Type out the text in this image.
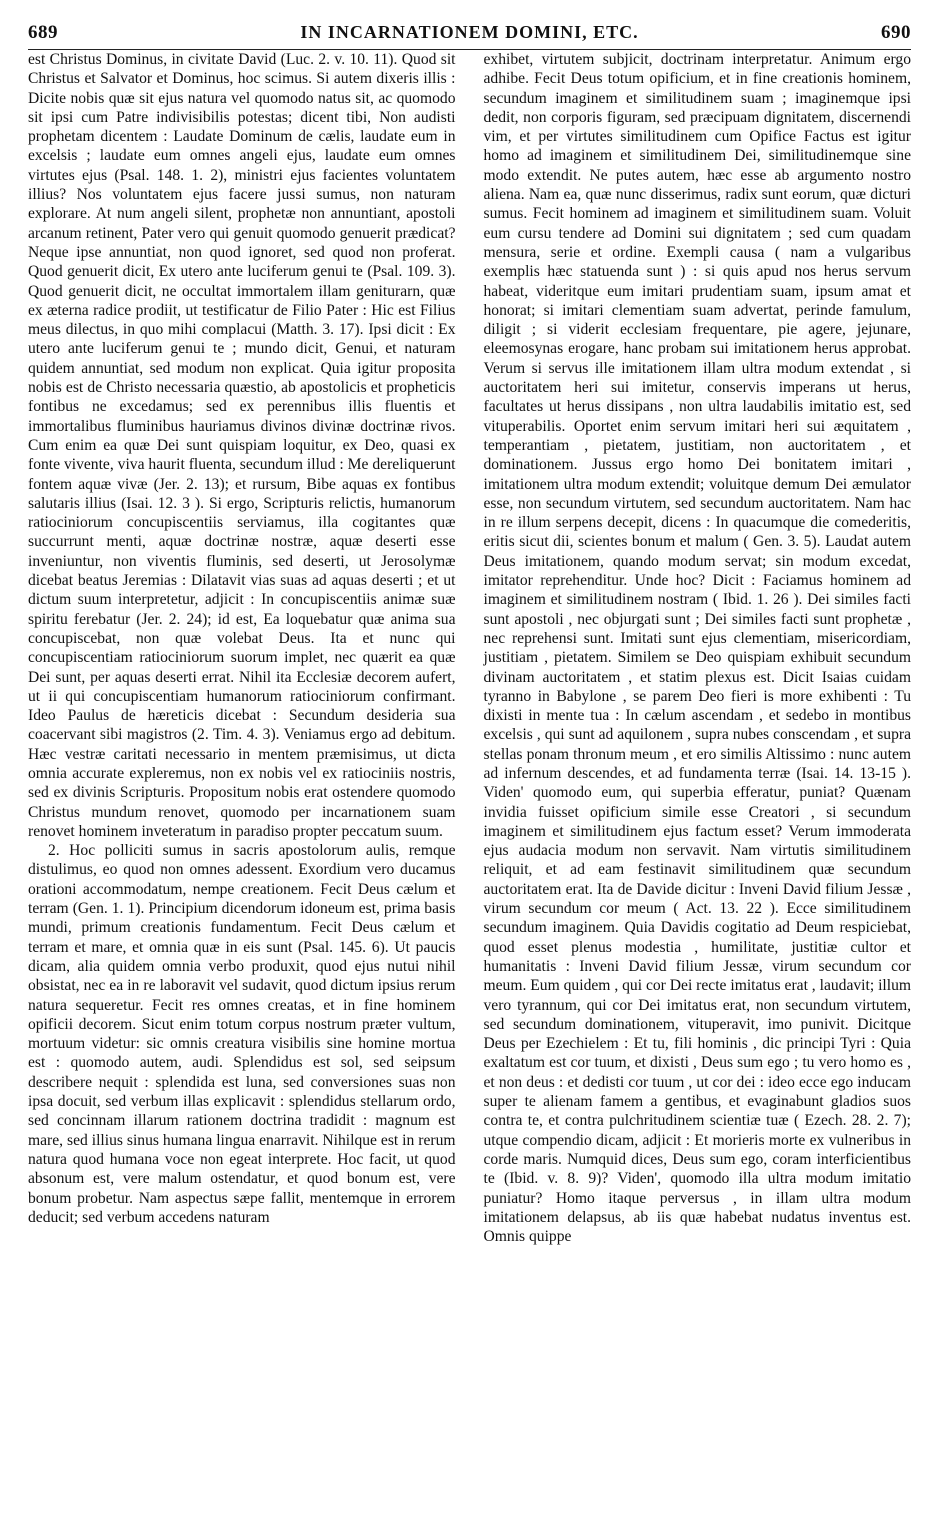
689	IN INCARNATIONEM DOMINI, ETC.	690

est Christus Dominus, in civitate David (Luc. 2. v. 10. 11). Quod sit Christus et Salvator et Dominus, hoc scimus. Si autem dixeris illis : Dicite nobis quæ sit ejus natura vel quomodo natus sit, ac quomodo sit ipsi cum Patre indivisibilis potestas; dicent tibi, Non audisti prophetam dicentem : Laudate Dominum de cælis, laudate eum in excelsis ; laudate eum omnes angeli ejus, laudate eum omnes virtutes ejus (Psal. 148. 1. 2), ministri ejus facientes voluntatem illius? Nos voluntatem ejus facere jussi sumus, non naturam explorare. At num angeli silent, prophetæ non annuntiant, apostoli arcanum retinent, Pater vero qui genuit quomodo genuerit prædicat? Neque ipse annuntiat, non quod ignoret, sed quod non proferat. Quod genuerit dicit, Ex utero ante luciferum genui te (Psal. 109. 3). Quod genuerit dicit, ne occultat immortalem illam geniturarn, quæ ex æterna radice prodiit, ut testificatur de Filio Pater : Hic est Filius meus dilectus, in quo mihi complacui (Matth. 3. 17). Ipsi dicit : Ex utero ante luciferum genui te ; mundo dicit, Genui, et naturam quidem annuntiat, sed modum non explicat. Quia igitur proposita nobis est de Christo necessaria quæstio, ab apostolicis et propheticis fontibus ne excedamus; sed ex perennibus illis fluentis et immortalibus fluminibus hauriamus divinos divinæ doctrinæ rivos. Cum enim ea quæ Dei sunt quispiam loquitur, ex Deo, quasi ex fonte vivente, viva haurit fluenta, secundum illud : Me dereliquerunt fontem aquæ vivæ (Jer. 2. 13); et rursum, Bibe aquas ex fontibus salutaris illius (Isai. 12. 3 ). Si ergo, Scripturis relictis, humanorum ratiociniorum concupiscentiis serviamus, illa cogitantes quæ succurrunt menti, aquæ doctrinæ nostræ, aquæ deserti esse inveniuntur, non viventis fluminis, sed deserti, ut Jerosolymæ dicebat beatus Jeremias : Dilatavit vias suas ad aquas deserti ; et ut dictum suum interpretetur, adjicit : In concupiscentiis animæ suæ spiritu ferebatur (Jer. 2. 24); id est, Ea loquebatur quæ anima sua concupiscebat, non quæ volebat Deus. Ita et nunc qui concupiscentiam ratiociniorum suorum implet, nec quærit ea quæ Dei sunt, per aquas deserti errat. Nihil ita Ecclesiæ decorem aufert, ut ii qui concupiscentiam humanorum ratiociniorum confirmant. Ideo Paulus de hæreticis dicebat : Secundum desideria sua coacervant sibi magistros (2. Tim. 4. 3). Veniamus ergo ad debitum. Hæc vestræ caritati necessario in mentem præmisimus, ut dicta omnia accurate expleremus, non ex nobis vel ex ratiociniis nostris, sed ex divinis Scripturis. Propositum nobis erat ostendere quomodo Christus mundum renovet, quomodo per incarnationem suam renovet hominem inveteratum in paradiso propter peccatum suum.

2. Hoc polliciti sumus in sacris apostolorum aulis, remque distulimus, eo quod non omnes adessent. Exordium vero ducamus orationi accommodatum, nempe creationem. Fecit Deus cælum et terram (Gen. 1. 1). Principium dicendorum idoneum est, prima basis mundi, primum creationis fundamentum. Fecit Deus cælum et terram et mare, et omnia quæ in eis sunt (Psal. 145. 6). Ut paucis dicam, alia quidem omnia verbo produxit, quod ejus nutui nihil obsistat, nec ea in re laboravit vel sudavit, quod dictum ipsius rerum natura sequeretur. Fecit res omnes creatas, et in fine hominem opificii decorem. Sicut enim totum corpus nostrum præter vultum, mortuum videtur: sic omnis creatura visibilis sine homine mortua est : quomodo autem, audi. Splendidus est sol, sed seipsum describere nequit : splendida est luna, sed conversiones suas non ipsa docuit, sed verbum illas explicavit : splendidus stellarum ordo, sed concinnam illarum rationem doctrina tradidit : magnum est mare, sed illius sinus humana lingua enarravit. Nihilque est in rerum natura quod humana voce non egeat interprete. Hoc facit, ut quod absonum est, vere malum ostendatur, et quod bonum est, vere bonum probetur. Nam aspectus sæpe fallit, mentemque in errorem deducit; sed verbum accedens naturam

exhibet, virtutem subjicit, doctrinam interpretatur. Animum ergo adhibe. Fecit Deus totum opificium, et in fine creationis hominem, secundum imaginem et similitudinem suam ; imaginemque ipsi dedit, non corporis figuram, sed præcipuam dignitatem, discernendi vim, et per virtutes similitudinem cum Opifice Factus est igitur homo ad imaginem et similitudinem Dei, similitudinemque sine modo extendit. Ne putes autem, hæc esse ab argumento nostro aliena. Nam ea, quæ nunc disserimus, radix sunt eorum, quæ dicturi sumus. Fecit hominem ad imaginem et similitudinem suam. Voluit eum cursu tendere ad Domini sui dignitatem ; sed cum quadam mensura, serie et ordine. Exempli causa ( nam a vulgaribus exemplis hæc statuenda sunt ) : si quis apud nos herus servum habeat, videritque eum imitari prudentiam suam, ipsum amat et honorat; si imitari clementiam suam advertat, perinde famulum, diligit ; si viderit ecclesiam frequentare, pie agere, jejunare, eleemosynas erogare, hanc probam sui imitationem herus approbat. Verum si servus ille imitationem illam ultra modum extendat , si auctoritatem heri sui imitetur, conservis imperans ut herus, facultates ut herus dissipans , non ultra laudabilis imitatio est, sed vituperabilis. Oportet enim servum imitari heri sui æquitatem , temperantiam , pietatem, justitiam, non auctoritatem , et dominationem. Jussus ergo homo Dei bonitatem imitari , imitationem ultra modum extendit; voluitque demum Dei æmulator esse, non secundum virtutem, sed secundum auctoritatem. Nam hac in re illum serpens decepit, dicens : In quacumque die comederitis, eritis sicut dii, scientes bonum et malum ( Gen. 3. 5). Laudat autem Deus imitationem, quando modum servat; sin modum excedat, imitator reprehenditur. Unde hoc? Dicit : Faciamus hominem ad imaginem et similitudinem nostram ( Ibid. 1. 26 ). Dei similes facti sunt apostoli , nec objurgati sunt ; Dei similes facti sunt prophetæ , nec reprehensi sunt. Imitati sunt ejus clementiam, misericordiam, justitiam , pietatem. Similem se Deo quispiam exhibuit secundum divinam auctoritatem , et statim plexus est. Dicit Isaias cuidam tyranno in Babylone , se parem Deo fieri is more exhibenti : Tu dixisti in mente tua : In cælum ascendam , et sedebo in montibus excelsis , qui sunt ad aquilonem , supra nubes conscendam , et supra stellas ponam thronum meum , et ero similis Altissimo : nunc autem ad infernum descendes, et ad fundamenta terræ (Isai. 14. 13-15 ). Viden' quomodo eum, qui superbia efferatur, puniat? Quænam invidia fuisset opificium simile esse Creatori , si secundum imaginem et similitudinem ejus factum esset? Verum immoderata ejus audacia modum non servavit. Nam virtutis similitudinem reliquit, et ad eam festinavit similitudinem quæ secundum auctoritatem erat. Ita de Davide dicitur : Inveni David filium Jessæ , virum secundum cor meum ( Act. 13. 22 ). Ecce similitudinem secundum imaginem. Quia Davidis cogitatio ad Deum respiciebat, quod esset plenus modestia , humilitate, justitiæ cultor et humanitatis : Inveni David filium Jessæ, virum secundum cor meum. Eum quidem , qui cor Dei recte imitatus erat , laudavit; illum vero tyrannum, qui cor Dei imitatus erat, non secundum virtutem, sed secundum dominationem, vituperavit, imo punivit. Dicitque Deus per Ezechielem : Et tu, fili hominis , dic principi Tyri : Quia exaltatum est cor tuum, et dixisti , Deus sum ego ; tu vero homo es , et non deus : et dedisti cor tuum , ut cor dei : ideo ecce ego inducam super te alienam famem a gentibus, et evaginabunt gladios suos contra te, et contra pulchritudinem scientiæ tuæ ( Ezech. 28. 2. 7); utque compendio dicam, adjicit : Et morieris morte ex vulneribus in corde maris. Numquid dices, Deus sum ego, coram interficientibus te (Ibid. v. 8. 9)? Viden', quomodo illa ultra modum imitatio puniatur? Homo itaque perversus , in illam ultra modum imitationem delapsus, ab iis quæ habebat nudatus inventus est. Omnis quippe
